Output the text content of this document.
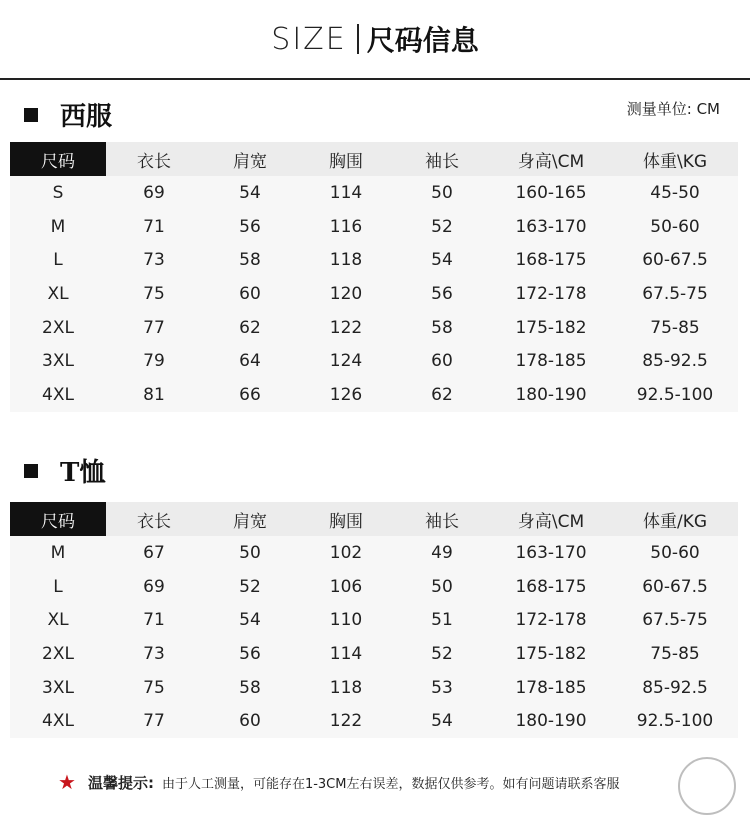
SIZE 尺码信息
西服	测量单位: CM
尺码	衣长	肩宽	胸围	袖长	身高\CM	体重\KG
S	69	54	114	50	160-165	45-50
M	71	56	116	52	163-170	50-60
L	73	58	118	54	168-175	60-67.5
XL	75	60	120	56	172-178	67.5-75
2XL	77	62	122	58	175-182	75-85
3XL	79	64	124	60	178-185	85-92.5
4XL	81	66	126	62	180-190	92.5-100
T恤
尺码	衣长	肩宽	胸围	袖长	身高\CM	体重/KG
M	67	50	102	49	163-170	50-60
L	69	52	106	50	168-175	60-67.5
XL	71	54	110	51	172-178	67.5-75
2XL	73	56	114	52	175-182	75-85
3XL	75	58	118	53	178-185	85-92.5
4XL	77	60	122	54	180-190	92.5-100
★ 温馨提示: 由于人工测量，可能存在1-3CM左右误差，数据仅供参考。如有问题请联系客服
